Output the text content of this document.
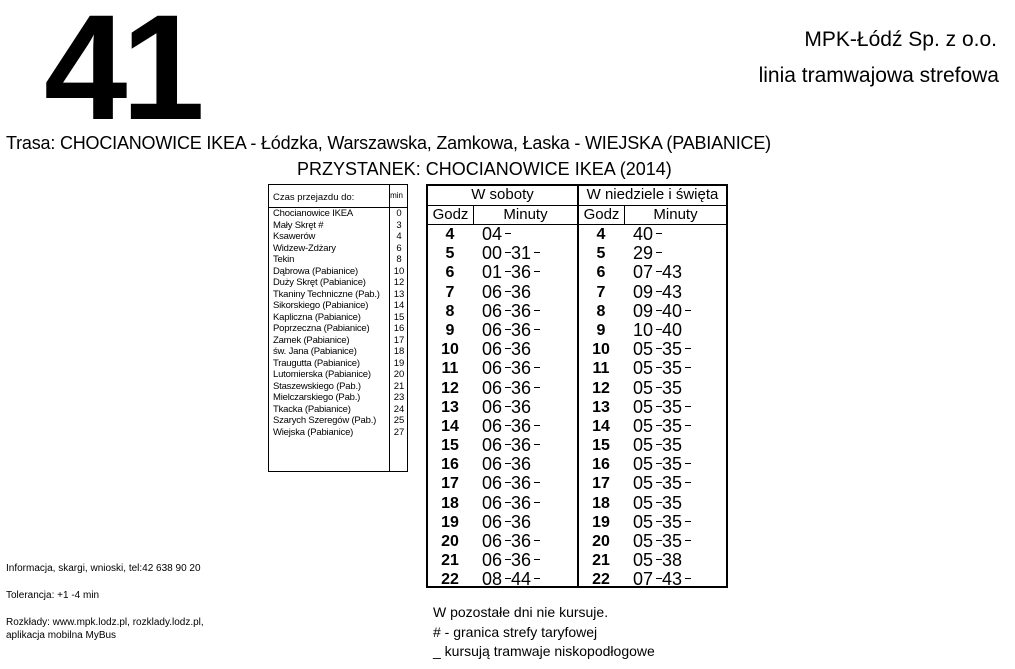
41	MPK-Łódź Sp. z o.o.
linia tramwajowa strefowa
Trasa: CHOCIANOWICE IKEA - Łódzka, Warszawska, Zamkowa, Łaska - WIEJSKA (PABIANICE)
PRZYSTANEK: CHOCIANOWICE IKEA (2014)
Czas przejazdu do:	min
Chocianowice IKEA	0
Mały Skręt #	3
Ksawerów	4
Widzew-Zdżary	6
Tekin	8
Dąbrowa (Pabianice)	10
Duży Skręt (Pabianice)	12
Tkaniny Techniczne (Pab.)	13
Sikorskiego (Pabianice)	14
Kapliczna (Pabianice)	15
Poprzeczna (Pabianice)	16
Zamek (Pabianice)	17
św. Jana (Pabianice)	18
Traugutta (Pabianice)	19
Lutomierska (Pabianice)	20
Staszewskiego (Pab.)	21
Mielczarskiego (Pab.)	23
Tkacka (Pabianice)	24
Szarych Szeregów (Pab.)	25
Wiejska (Pabianice)	27
W soboty	W niedziele i święta
Godz	Minuty	Godz	Minuty
4	04	4	40
5	00 31	5	29
6	01 36	6	07 43
7	06 36	7	09 43
8	06 36	8	09 40
9	06 36	9	10 40
10	06 36	10	05 35
11	06 36	11	05 35
12	06 36	12	05 35
13	06 36	13	05 35
14	06 36	14	05 35
15	06 36	15	05 35
16	06 36	16	05 35
17	06 36	17	05 35
18	06 36	18	05 35
19	06 36	19	05 35
20	06 36	20	05 35
21	06 36	21	05 38
22	08 44	22	07 43
Informacja, skargi, wnioski, tel:42 638 90 20
Tolerancja: +1 -4 min
Rozkłady: www.mpk.lodz.pl, rozklady.lodz.pl,
aplikacja mobilna MyBus
W pozostałe dni nie kursuje.
# - granica strefy taryfowej
_ kursują tramwaje niskopodłogowe
